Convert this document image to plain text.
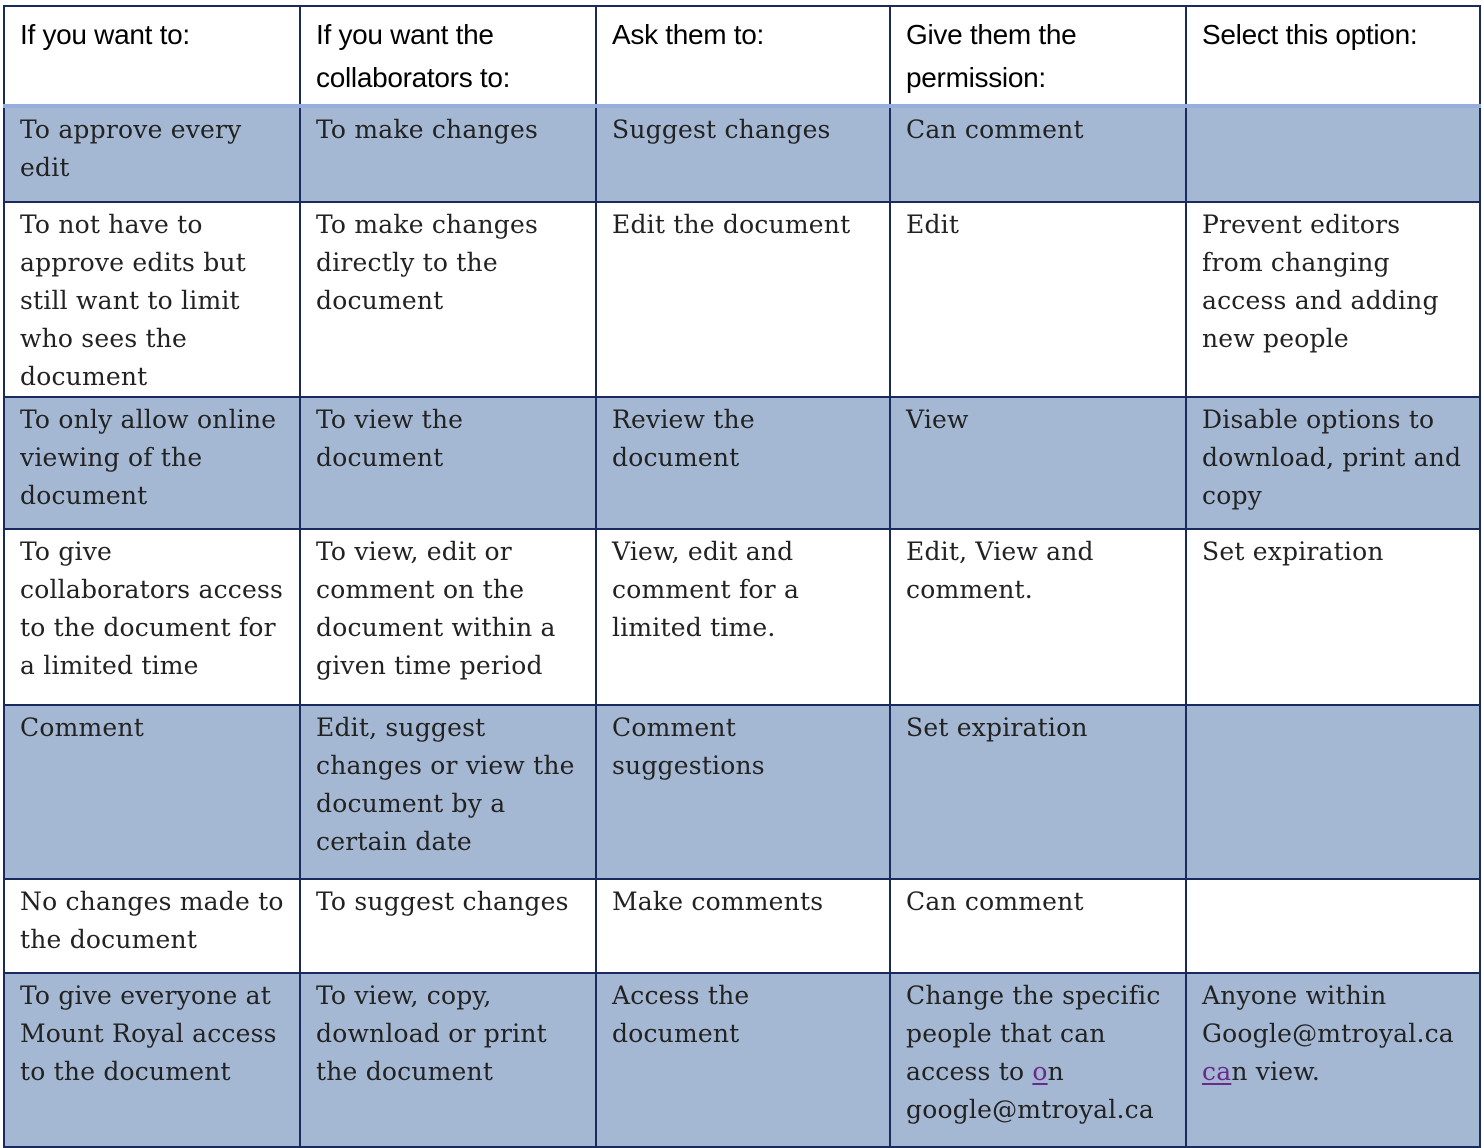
If you want to:	If you want the collaborators to:	Ask them to:	Give them the permission:	Select this option:
To approve every edit	To make changes	Suggest changes	Can comment	
To not have to approve edits but still want to limit who sees the document	To make changes directly to the document	Edit the document	Edit	Prevent editors from changing access and adding new people
To only allow online viewing of the document	To view the document	Review the document	View	Disable options to download, print and copy
To give collaborators access to the document for a limited time	To view, edit or comment on the document within a given time period	View, edit and comment for a limited time.	Edit, View and comment.	Set expiration
Comment	Edit, suggest changes or view the document by a certain date	Comment suggestions	Set expiration	
No changes made to the document	To suggest changes	Make comments	Can comment	
To give everyone at Mount Royal access to the document	To view, copy, download or print the document	Access the document	Change the specific people that can access to on google@mtroyal.ca	Anyone within Google@mtroyal.ca can view.
